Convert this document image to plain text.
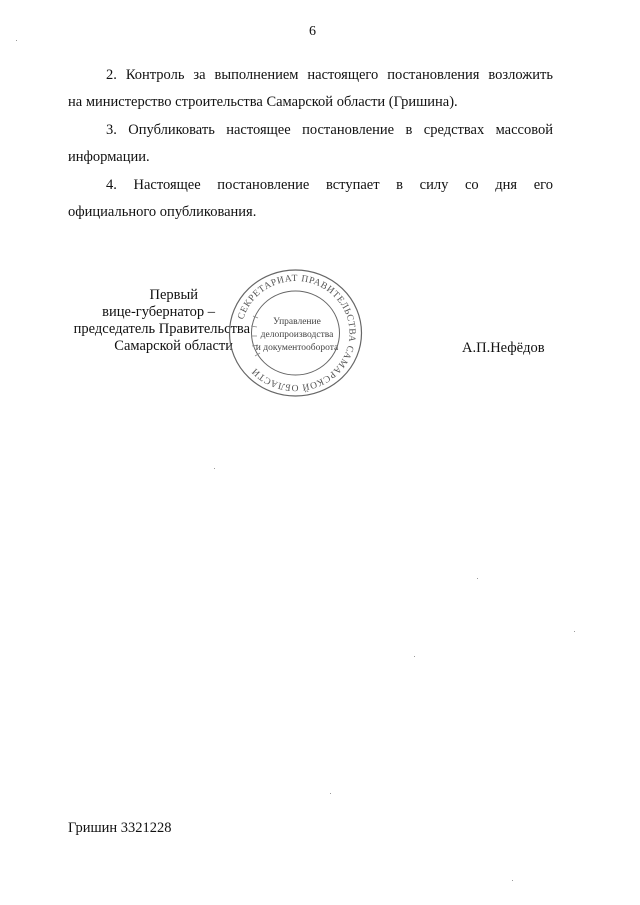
6
2. Контроль за выполнением настоящего постановления возложить
на министерство строительства Самарской области (Гришина).
3. Опубликовать настоящее постановление в средствах массовой
информации.
4. Настоящее постановление вступает в силу со дня его
официального опубликования.
Первый
вице-губернатор –
председатель Правительства
Самарской области	А.П.Нефёдов
СЕКРЕТАРИАТ ПРАВИТЕЛЬСТВА САМАРСКОЙ ОБЛАСТИ
Управление
делопроизводства
и документооборота
Гришин 3321228
